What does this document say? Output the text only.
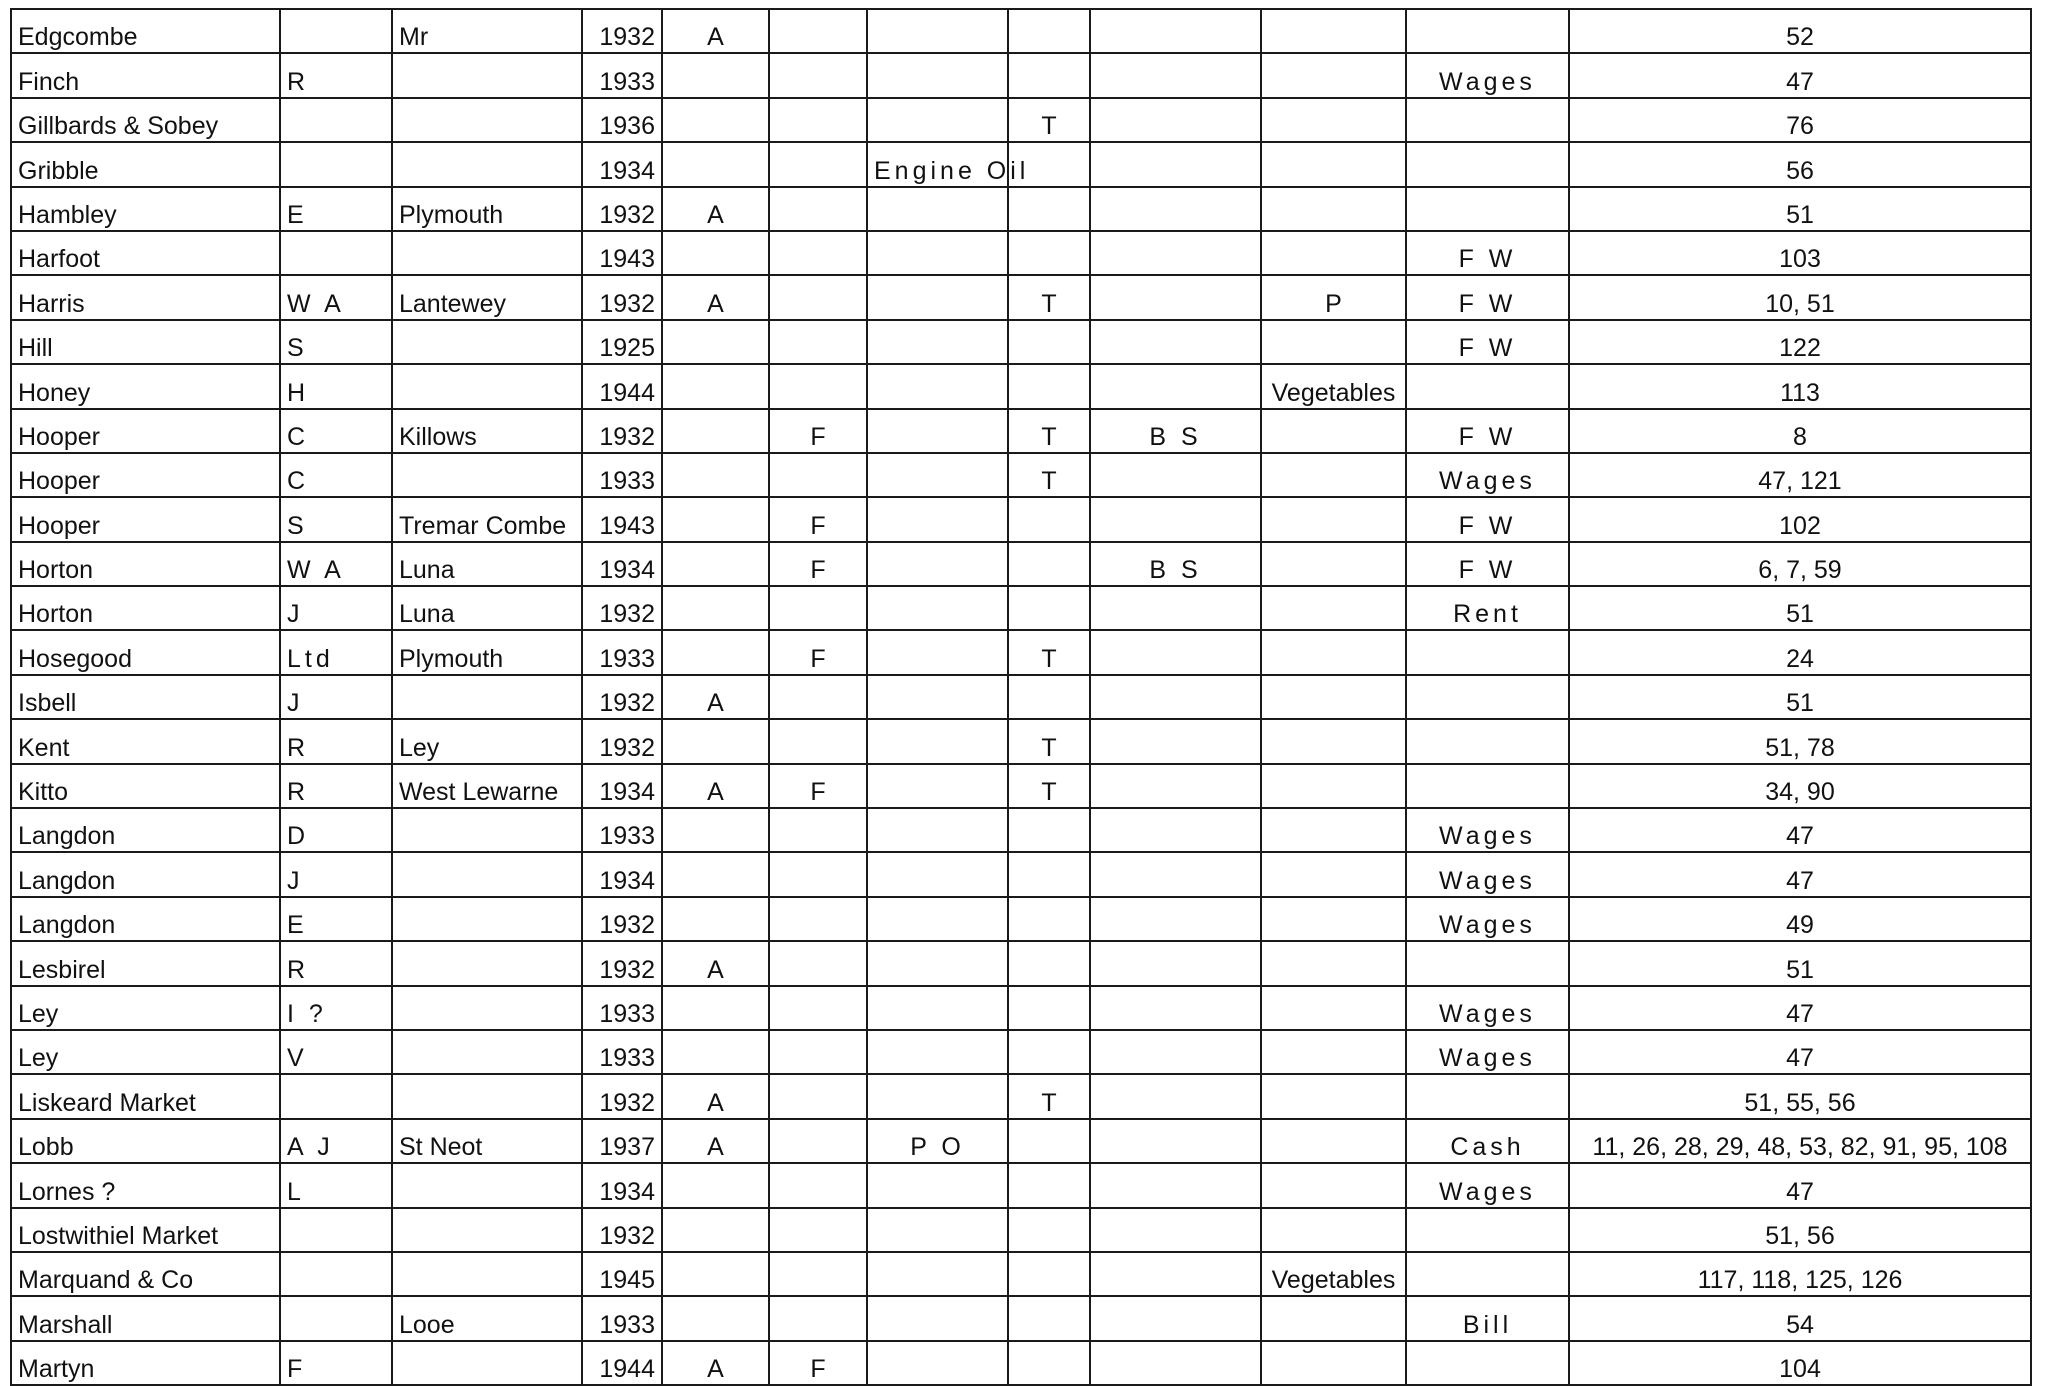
Edgcombe		Mr	1932	A							52
Finch	R		1933							Wages	47
Gillbards & Sobey			1936				T				76
Gribble			1934			Engine Oil					56
Hambley	E	Plymouth	1932	A							51
Harfoot			1943							F W	103
Harris	W A	Lantewey	1932	A			T		P	F W	10, 51
Hill	S		1925							F W	122
Honey	H		1944						Vegetables		113
Hooper	C	Killows	1932		F		T	B S		F W	8
Hooper	C		1933				T			Wages	47, 121
Hooper	S	Tremar Combe	1943		F					F W	102
Horton	W A	Luna	1934		F			B S		F W	6, 7, 59
Horton	J	Luna	1932							Rent	51
Hosegood	Ltd	Plymouth	1933		F		T				24
Isbell	J		1932	A							51
Kent	R	Ley	1932				T				51, 78
Kitto	R	West Lewarne	1934	A	F		T				34, 90
Langdon	D		1933							Wages	47
Langdon	J		1934							Wages	47
Langdon	E		1932							Wages	49
Lesbirel	R		1932	A							51
Ley	I ?		1933							Wages	47
Ley	V		1933							Wages	47
Liskeard Market			1932	A			T				51, 55, 56
Lobb	A J	St Neot	1937	A		P O				Cash	11, 26, 28, 29, 48, 53, 82, 91, 95, 108
Lornes ?	L		1934							Wages	47
Lostwithiel Market			1932								51, 56
Marquand & Co			1945						Vegetables		117, 118, 125, 126
Marshall		Looe	1933							Bill	54
Martyn	F		1944	A	F						104
